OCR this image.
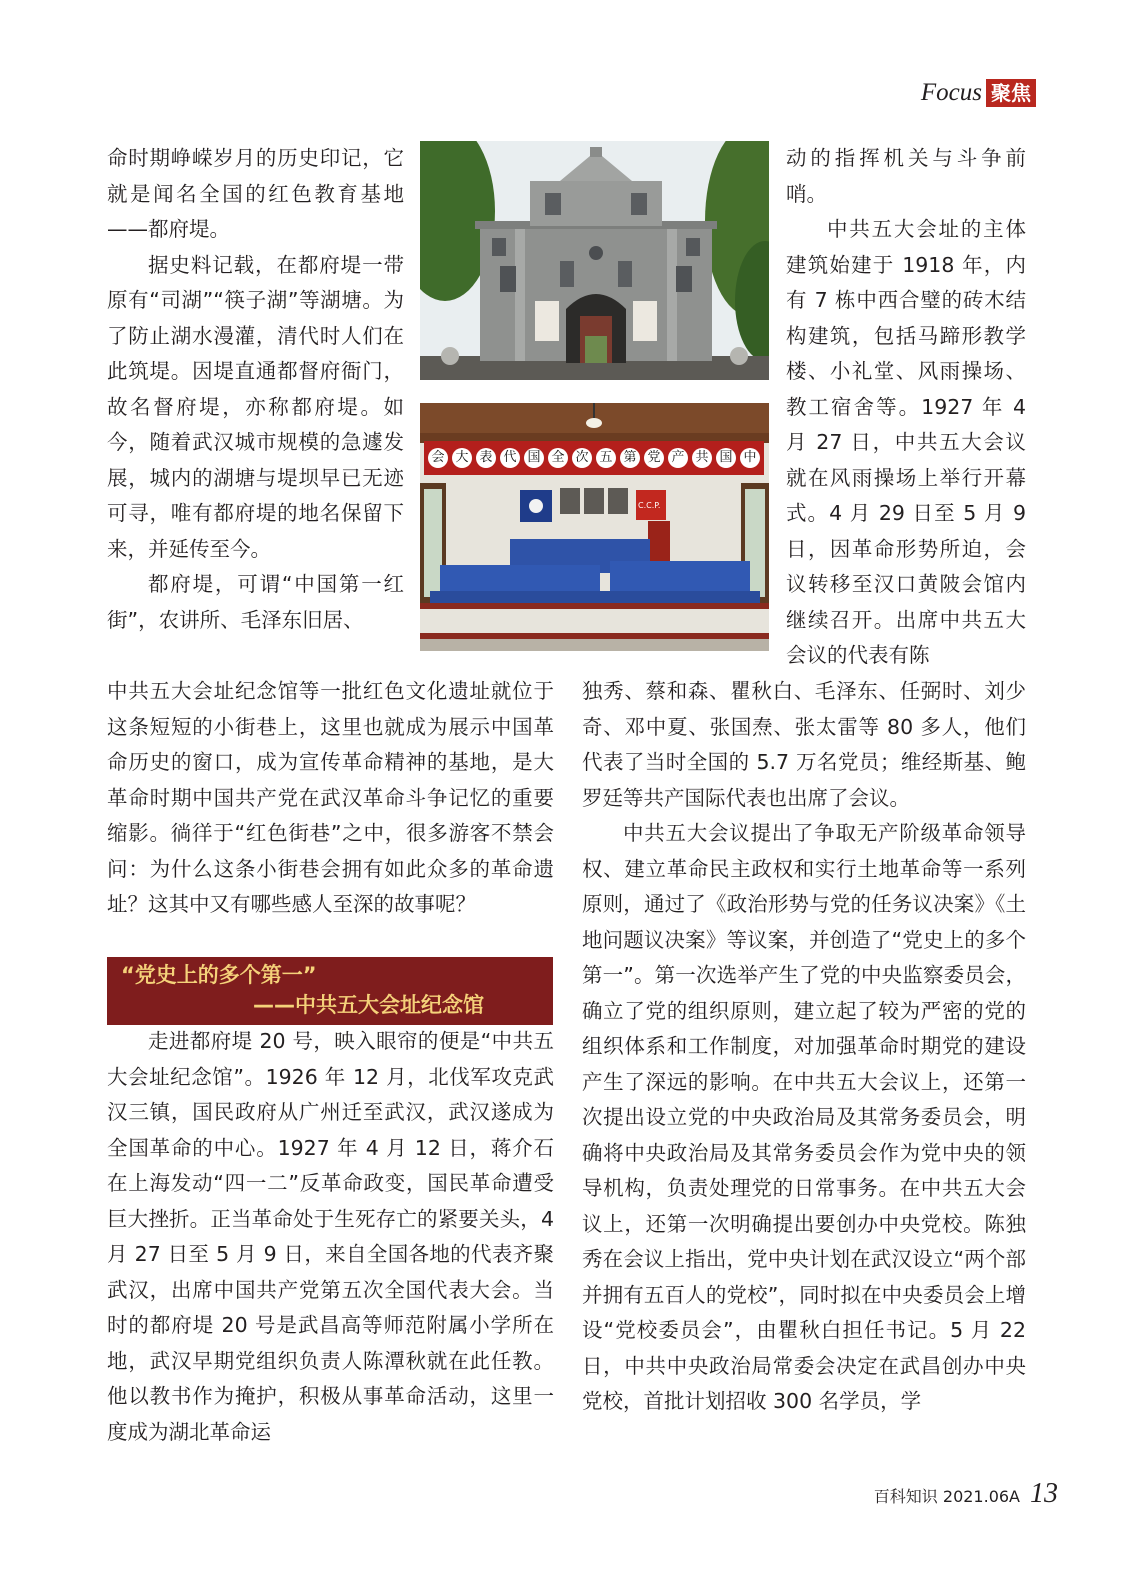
Focus 聚焦

命时期峥嵘岁月的历史印记，它就是闻名全国的红色教育基地——都府堤。

据史料记载，在都府堤一带原有“司湖”“筷子湖”等湖塘。为了防止湖水漫灌，清代时人们在此筑堤。因堤直通都督府衙门，故名督府堤，亦称都府堤。如今，随着武汉城市规模的急遽发展，城内的湖塘与堤坝早已无迹可寻，唯有都府堤的地名保留下来，并延传至今。

都府堤，可谓“中国第一红街”，农讲所、毛泽东旧居、

会 大 表 代 国 全 次 五 第 党 产 共 国 中
C.C.P.

动的指挥机关与斗争前哨。

中共五大会址的主体建筑始建于 1918 年，内有 7 栋中西合璧的砖木结构建筑，包括马蹄形教学楼、小礼堂、风雨操场、教工宿舍等。1927 年 4 月 27 日，中共五大会议就在风雨操场上举行开幕式。4 月 29 日至 5 月 9 日，因革命形势所迫，会议转移至汉口黄陂会馆内继续召开。出席中共五大会议的代表有陈

中共五大会址纪念馆等一批红色文化遗址就位于这条短短的小街巷上，这里也就成为展示中国革命历史的窗口，成为宣传革命精神的基地，是大革命时期中国共产党在武汉革命斗争记忆的重要缩影。徜徉于“红色街巷”之中，很多游客不禁会问：为什么这条小街巷会拥有如此众多的革命遗址？这其中又有哪些感人至深的故事呢？

“党史上的多个第一”
——中共五大会址纪念馆

走进都府堤 20 号，映入眼帘的便是“中共五大会址纪念馆”。1926 年 12 月，北伐军攻克武汉三镇，国民政府从广州迁至武汉，武汉遂成为全国革命的中心。1927 年 4 月 12 日，蒋介石在上海发动“四一二”反革命政变，国民革命遭受巨大挫折。正当革命处于生死存亡的紧要关头，4 月 27 日至 5 月 9 日，来自全国各地的代表齐聚武汉，出席中国共产党第五次全国代表大会。当时的都府堤 20 号是武昌高等师范附属小学所在地，武汉早期党组织负责人陈潭秋就在此任教。他以教书作为掩护，积极从事革命活动，这里一度成为湖北革命运

独秀、蔡和森、瞿秋白、毛泽东、任弼时、刘少奇、邓中夏、张国焘、张太雷等 80 多人，他们代表了当时全国的 5.7 万名党员；维经斯基、鲍罗廷等共产国际代表也出席了会议。

中共五大会议提出了争取无产阶级革命领导权、建立革命民主政权和实行土地革命等一系列原则，通过了《政治形势与党的任务议决案》《土地问题议决案》等议案，并创造了“党史上的多个第一”。第一次选举产生了党的中央监察委员会，确立了党的组织原则，建立起了较为严密的党的组织体系和工作制度，对加强革命时期党的建设产生了深远的影响。在中共五大会议上，还第一次提出设立党的中央政治局及其常务委员会，明确将中央政治局及其常务委员会作为党中央的领导机构，负责处理党的日常事务。在中共五大会议上，还第一次明确提出要创办中央党校。陈独秀在会议上指出，党中央计划在武汉设立“两个部并拥有五百人的党校”，同时拟在中央委员会上增设“党校委员会”，由瞿秋白担任书记。5 月 22 日，中共中央政治局常委会决定在武昌创办中央党校，首批计划招收 300 名学员，学

百科知识 2021.06A 13
